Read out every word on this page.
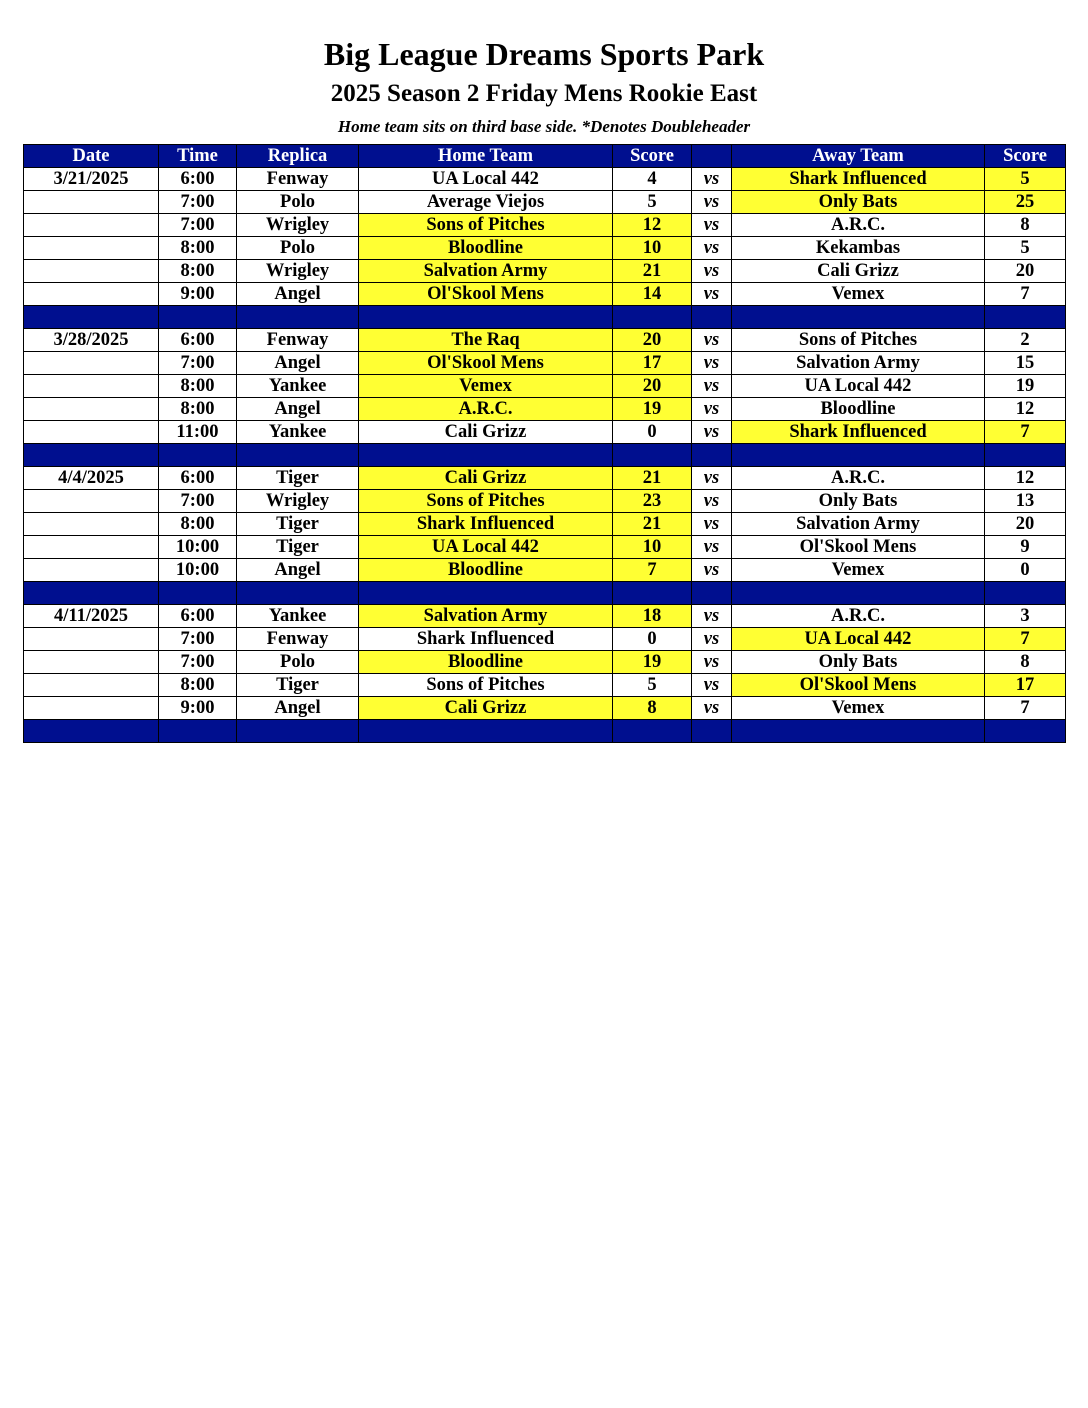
Big League Dreams Sports Park
2025 Season 2 Friday Mens Rookie East
Home team sits on third base side. *Denotes Doubleheader
Date	Time	Replica	Home Team	Score		Away Team	Score
3/21/2025	6:00	Fenway	UA Local 442	4	vs	Shark Influenced	5
	7:00	Polo	Average Viejos	5	vs	Only Bats	25
	7:00	Wrigley	Sons of Pitches	12	vs	A.R.C.	8
	8:00	Polo	Bloodline	10	vs	Kekambas	5
	8:00	Wrigley	Salvation Army	21	vs	Cali Grizz	20
	9:00	Angel	Ol'Skool Mens	14	vs	Vemex	7

3/28/2025	6:00	Fenway	The Raq	20	vs	Sons of Pitches	2
	7:00	Angel	Ol'Skool Mens	17	vs	Salvation Army	15
	8:00	Yankee	Vemex	20	vs	UA Local 442	19
	8:00	Angel	A.R.C.	19	vs	Bloodline	12
	11:00	Yankee	Cali Grizz	0	vs	Shark Influenced	7

4/4/2025	6:00	Tiger	Cali Grizz	21	vs	A.R.C.	12
	7:00	Wrigley	Sons of Pitches	23	vs	Only Bats	13
	8:00	Tiger	Shark Influenced	21	vs	Salvation Army	20
	10:00	Tiger	UA Local 442	10	vs	Ol'Skool Mens	9
	10:00	Angel	Bloodline	7	vs	Vemex	0

4/11/2025	6:00	Yankee	Salvation Army	18	vs	A.R.C.	3
	7:00	Fenway	Shark Influenced	0	vs	UA Local 442	7
	7:00	Polo	Bloodline	19	vs	Only Bats	8
	8:00	Tiger	Sons of Pitches	5	vs	Ol'Skool Mens	17
	9:00	Angel	Cali Grizz	8	vs	Vemex	7
